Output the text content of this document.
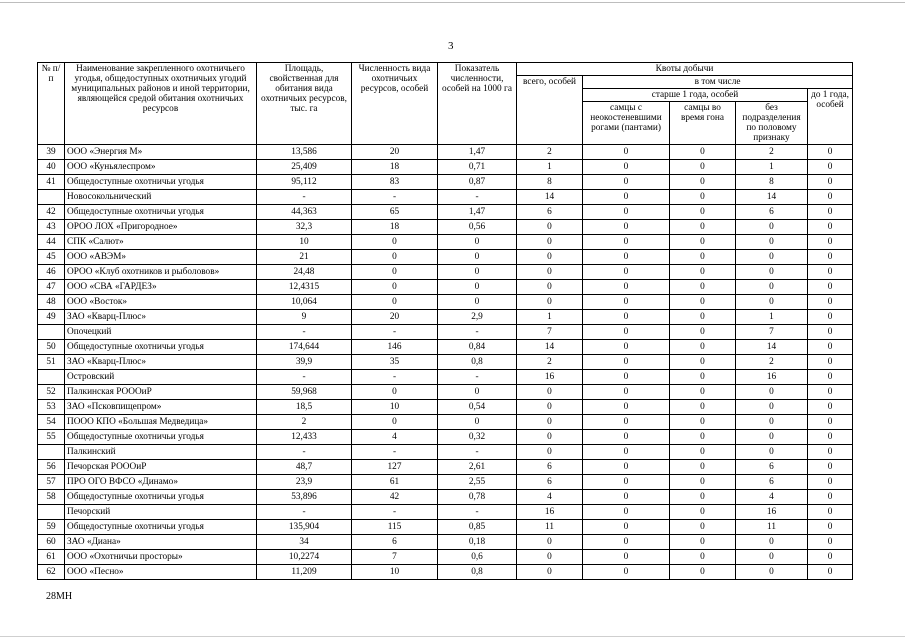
3
№ п/п	Наименование закрепленного охотничьего угодья, общедоступных охотничьих угодий муниципальных районов и иной территории, являющейся средой обитания охотничьих ресурсов	Площадь, свойственная для обитания вида охотничьих ресурсов, тыс. га	Численность вида охотничьих ресурсов, особей	Показатель численности, особей на 1000 га	Квоты добычи				
					всего, особей	в том числе			
						старше 1 года, особей			до 1 года, особей
						самцы с неокостеневшими рогами (пантами)	самцы во время гона	без подразделения по половому признаку	
39	ООО «Энергия М»	13,586	20	1,47	2	0	0	2	0
40	ООО «Куньялеспром»	25,409	18	0,71	1	0	0	1	0
41	Общедоступные охотничьи угодья	95,112	83	0,87	8	0	0	8	0
	Новосокольнический	-	-	-	14	0	0	14	0
42	Общедоступные охотничьи угодья	44,363	65	1,47	6	0	0	6	0
43	ОРОО ЛОХ «Пригородное»	32,3	18	0,56	0	0	0	0	0
44	СПК «Салют»	10	0	0	0	0	0	0	0
45	ООО «АВЭМ»	21	0	0	0	0	0	0	0
46	ОРОО «Клуб охотников и рыболовов»	24,48	0	0	0	0	0	0	0
47	ООО «СВА «ГАРДЕЗ»	12,4315	0	0	0	0	0	0	0
48	ООО «Восток»	10,064	0	0	0	0	0	0	0
49	ЗАО «Кварц-Плюс»	9	20	2,9	1	0	0	1	0
	Опочецкий	-	-	-	7	0	0	7	0
50	Общедоступные охотничьи угодья	174,644	146	0,84	14	0	0	14	0
51	ЗАО «Кварц-Плюс»	39,9	35	0,8	2	0	0	2	0
	Островский	-	-	-	16	0	0	16	0
52	Палкинская РОООиР	59,968	0	0	0	0	0	0	0
53	ЗАО «Псковпищепром»	18,5	10	0,54	0	0	0	0	0
54	ПООО КПО «Большая Медведица»	2	0	0	0	0	0	0	0
55	Общедоступные охотничьи угодья	12,433	4	0,32	0	0	0	0	0
	Палкинский	-	-	-	0	0	0	0	0
56	Печорская РОООиР	48,7	127	2,61	6	0	0	6	0
57	ПРО ОГО ВФСО «Динамо»	23,9	61	2,55	6	0	0	6	0
58	Общедоступные охотничьи угодья	53,896	42	0,78	4	0	0	4	0
	Печорский	-	-	-	16	0	0	16	0
59	Общедоступные охотничьи угодья	135,904	115	0,85	11	0	0	11	0
60	ЗАО «Диана»	34	6	0,18	0	0	0	0	0
61	ООО «Охотничьи просторы»	10,2274	7	0,6	0	0	0	0	0
62	ООО «Песно»	11,209	10	0,8	0	0	0	0	0
28МН
